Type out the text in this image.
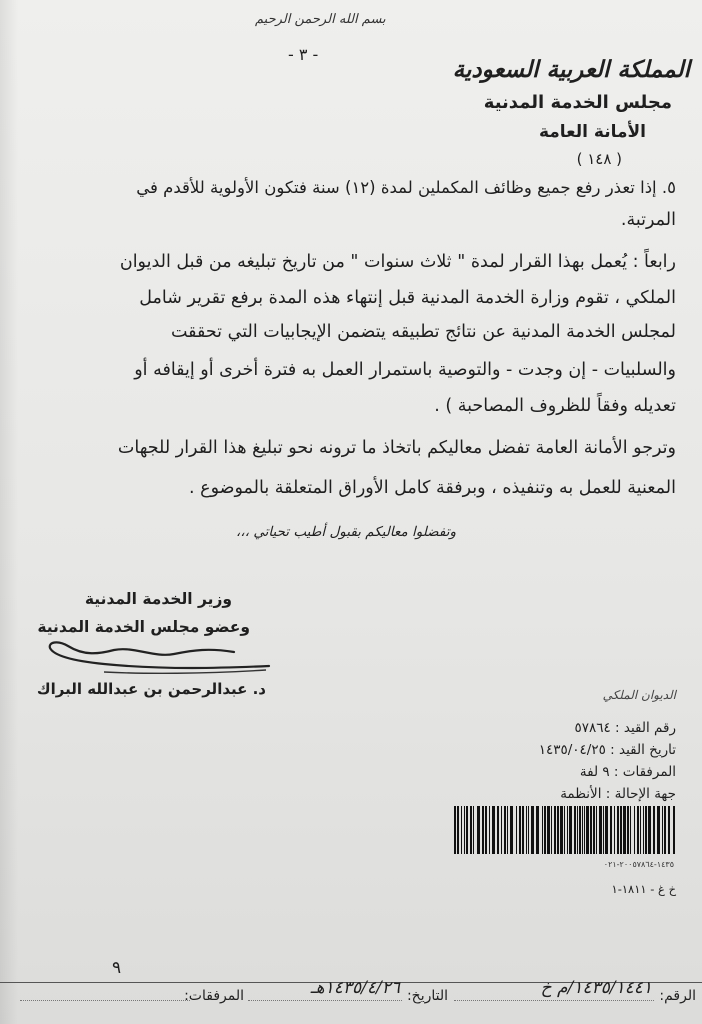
بسم الله الرحمن الرحيم
- ٣ -
المملكة العربية السعودية
مجلس الخدمة المدنية
الأمانة العامة
( ١٤٨ )
٥. إذا تعذر رفع جميع وظائف المكملين لمدة (١٢) سنة فتكون الأولوية للأقدم في
المرتبة.
رابعاً : يُعمل بهذا القرار لمدة " ثلاث سنوات " من تاريخ تبليغه من قبل الديوان
الملكي ، تقوم وزارة الخدمة المدنية قبل إنتهاء هذه المدة برفع تقرير شامل
لمجلس الخدمة المدنية عن نتائج تطبيقه يتضمن الإيجابيات التي تحققت
والسلبيات - إن وجدت - والتوصية باستمرار العمل به فترة أخرى أو إيقافه أو
تعديله وفقاً للظروف المصاحبة ) .
وترجو الأمانة العامة تفضل معاليكم باتخاذ ما ترونه نحو تبليغ هذا القرار للجهات
المعنية للعمل به وتنفيذه ، وبرفقة كامل الأوراق المتعلقة بالموضوع .
وتفضلوا معاليكم بقبول أطيب تحياتي ،،،
وزير الخدمة المدنية
وعضو مجلس الخدمة المدنية
د. عبدالرحمن بن عبدالله البراك	الديوان الملكي
رقم القيد : ٥٧٨٦٤
تاريخ القيد : ١٤٣٥/٠٤/٢٥
المرفقات : ٩ لفة
جهة الإحالة : الأنظمة
١٤٣٥-٢٠٠٥٧٨٦٤-٠٢١
خ غ - ١٨١١-١
الرقم:
١٤٣٥/١٤٤١/م خ
التاريخ:
١٤٣٥/٤/٢٦هـ
المرفقات:
٩
